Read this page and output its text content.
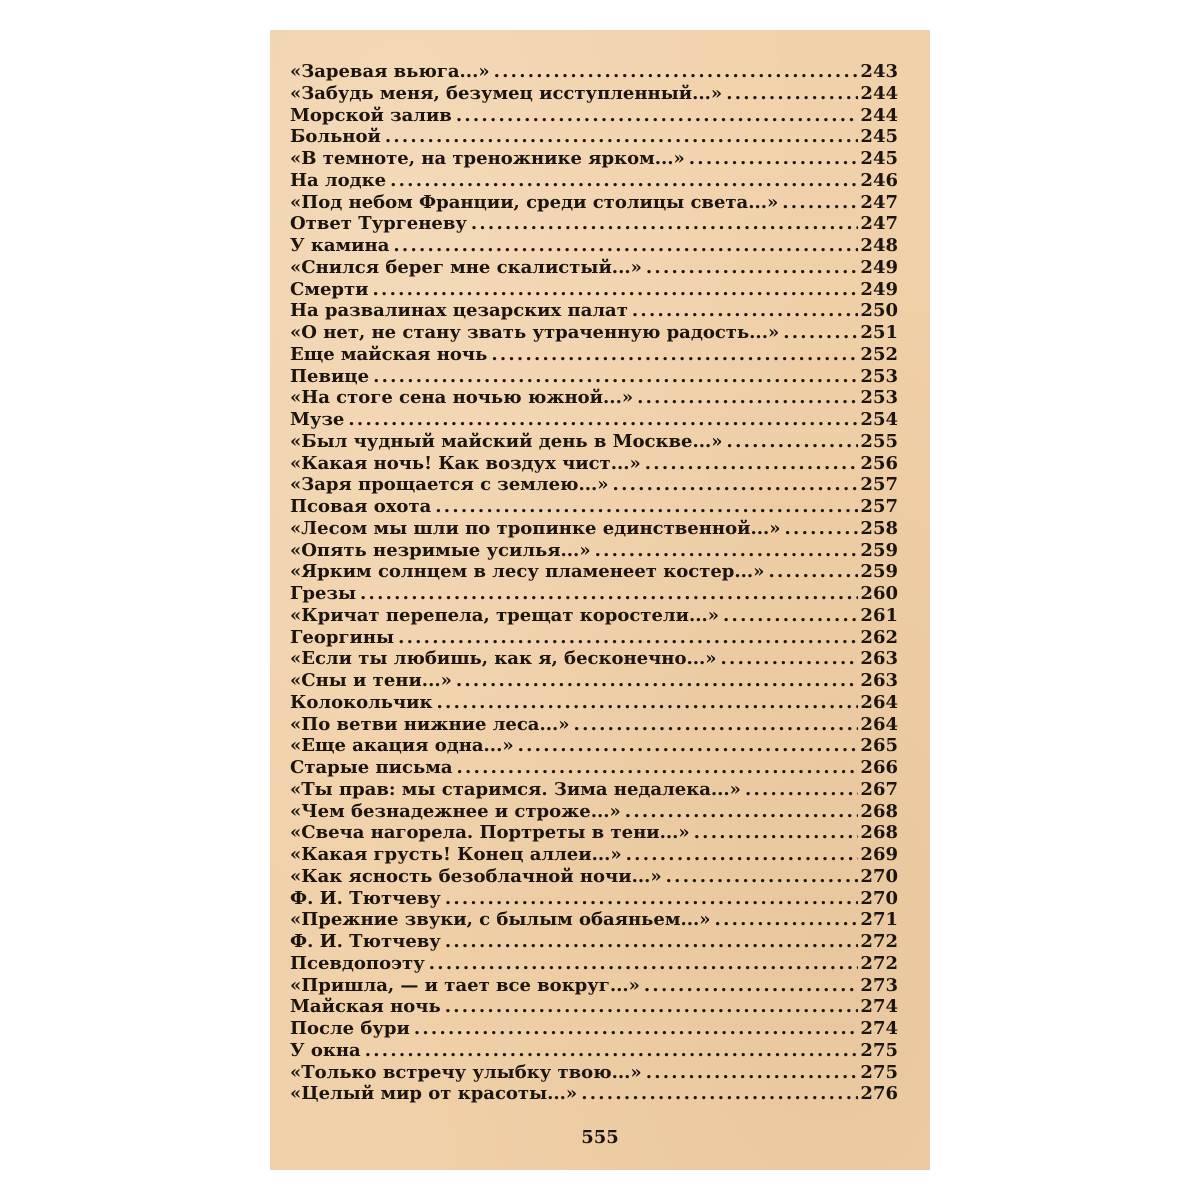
«Заревая вьюга...» . . .	243
«Забудь меня, безумец исступленный...» . . .	244
Морской залив . . .	244
Больной . . .	245
«В темноте, на треножнике ярком...» . . .	245
На лодке . . .	246
«Под небом Франции, среди столицы света...» . . .	247
Ответ Тургеневу . . .	247
У камина . . .	248
«Снился берег мне скалистый...» . . .	249
Смерти . . .	249
На развалинах цезарских палат . . .	250
«О нет, не стану звать утраченную радость...» . . .	251
Еще майская ночь . . .	252
Певице . . .	253
«На стоге сена ночью южной...» . . .	253
Музе . . .	254
«Был чудный майский день в Москве...» . . .	255
«Какая ночь! Как воздух чист...» . . .	256
«Заря прощается с землею...» . . .	257
Псовая охота . . .	257
«Лесом мы шли по тропинке единственной...» . . .	258
«Опять незримые усилья...» . . .	259
«Ярким солнцем в лесу пламенеет костер...» . . .	259
Грезы . . .	260
«Кричат перепела, трещат коростели...» . . .	261
Георгины . . .	262
«Если ты любишь, как я, бесконечно...» . . .	263
«Сны и тени...» . . .	263
Колокольчик . . .	264
«По ветви нижние леса...» . . .	264
«Еще акация одна...» . . .	265
Старые письма . . .	266
«Ты прав: мы старимся. Зима недалека...» . . .	267
«Чем безнадежнее и строже...» . . .	268
«Свеча нагорела. Портреты в тени...» . . .	268
«Какая грусть! Конец аллеи...» . . .	269
«Как ясность безоблачной ночи...» . . .	270
Ф. И. Тютчеву . . .	270
«Прежние звуки, с былым обаяньем...» . . .	271
Ф. И. Тютчеву . . .	272
Псевдопоэту . . .	272
«Пришла, — и тает все вокруг...» . . .	273
Майская ночь . . .	274
После бури . . .	274
У окна . . .	275
«Только встречу улыбку твою...» . . .	275
«Целый мир от красоты...» . . .	276
555
